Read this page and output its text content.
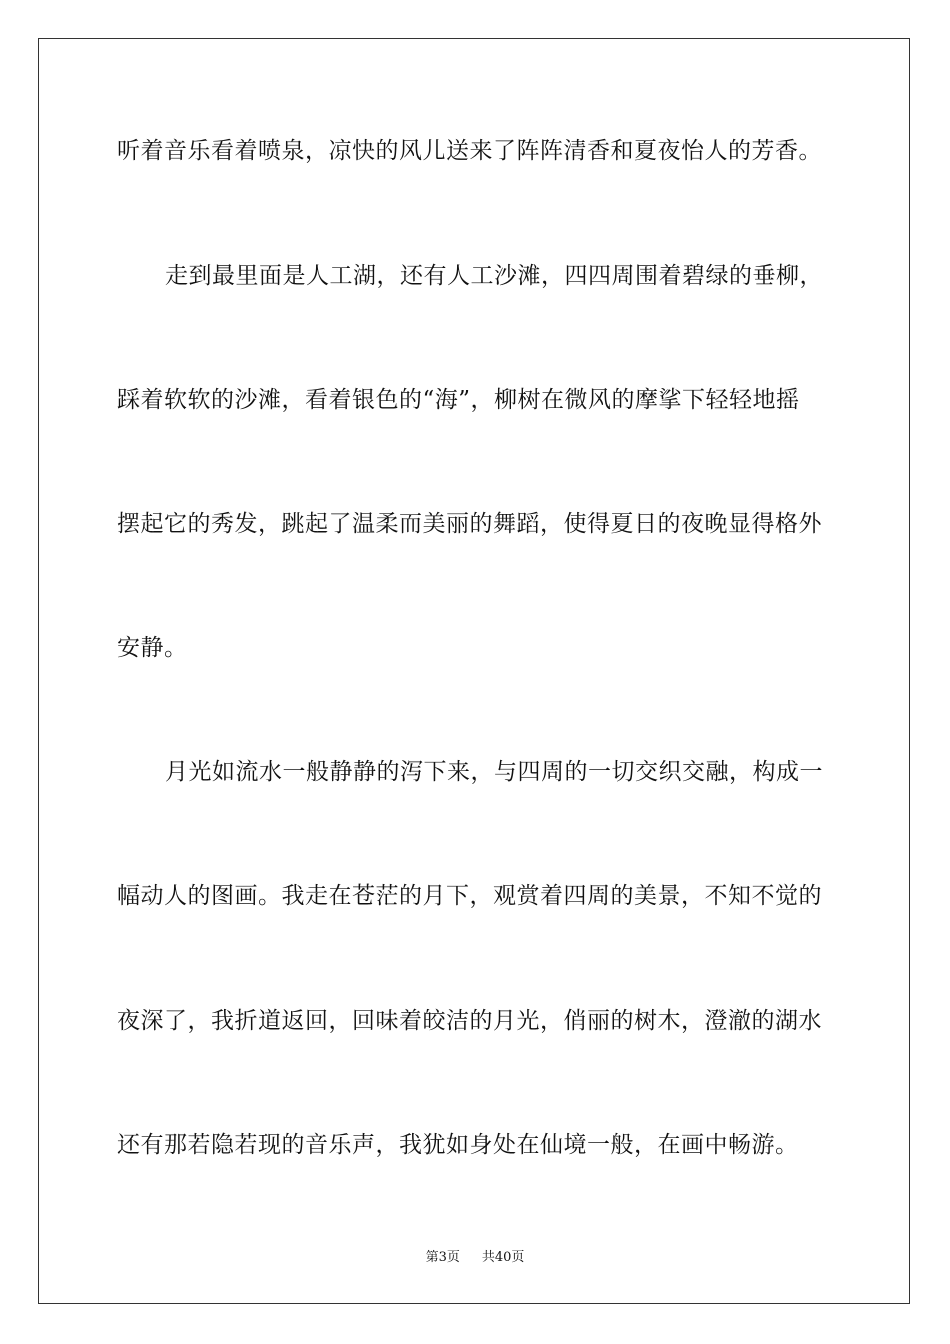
听着音乐看着喷泉，凉快的风儿送来了阵阵清香和夏夜怡人的芳香。
走到最里面是人工湖，还有人工沙滩，四四周围着碧绿的垂柳，
踩着软软的沙滩，看着银色的“海”，柳树在微风的摩挲下轻轻地摇
摆起它的秀发，跳起了温柔而美丽的舞蹈，使得夏日的夜晚显得格外
安静。
月光如流水一般静静的泻下来，与四周的一切交织交融，构成一
幅动人的图画。我走在苍茫的月下，观赏着四周的美景，不知不觉的
夜深了，我折道返回，回味着皎洁的月光，俏丽的树木，澄澈的湖水
还有那若隐若现的音乐声，我犹如身处在仙境一般，在画中畅游。
第3页 共40页
